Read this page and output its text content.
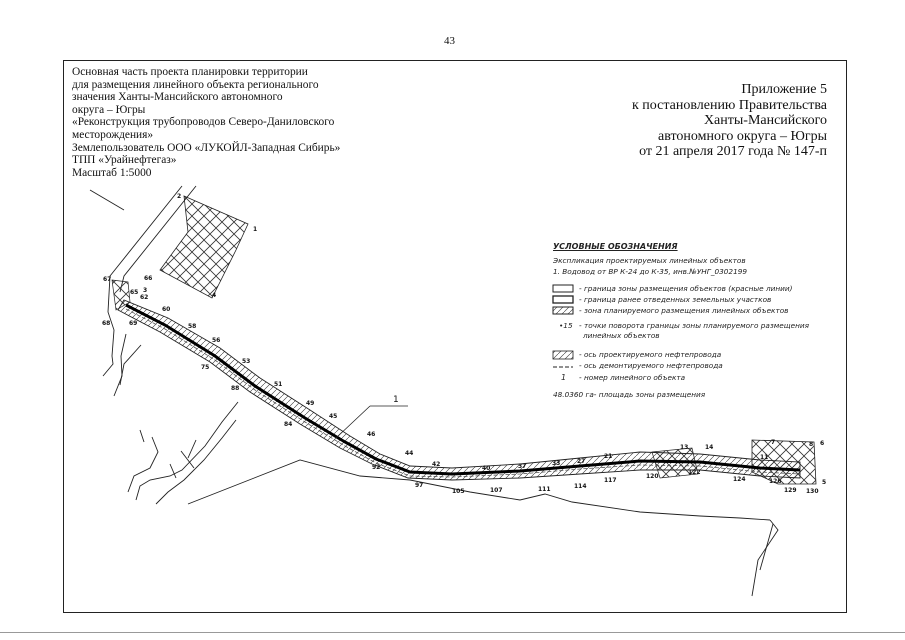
43
Основная часть проекта планировки территории
для размещения линейного объекта регионального
значения Ханты-Мансийского автономного
округа – Югры
«Реконструкция трубопроводов Северо-Даниловского
месторождения»
Землепользователь ООО «ЛУКОЙЛ-Западная Сибирь»
ТПП «Урайнефтегаз»
Масштаб 1:5000
Приложение 5
к постановлению Правительства
Ханты-Мансийского
автономного округа – Югры
от 21 апреля 2017 года № 147-п
1
1
2
3
4
5
6
7	8
11
13	14
21
27
33
37
40
42
44
45
46
49
51
53
56
58
60
62
65
66
67
68	69
75
84
88
92
97
105	107	111	114
117
120
122
124	126
129 130
УСЛОВНЫЕ ОБОЗНАЧЕНИЯ
Экспликация проектируемых линейных объектов
1. Водовод от ВР К-24 до К-35, инв.№УНГ_0302199
- граница зоны размещения объектов (красные линии)
- граница ранее отведенных земельных участков
- зона планируемого размещения линейных объектов
•15 - точки поворота границы зоны планируемого размещения
линейных объектов
- ось проектируемого нефтепровода
- ось демонтируемого нефтепровода
1 - номер линейного объекта
48.0360 га- площадь зоны размещения
